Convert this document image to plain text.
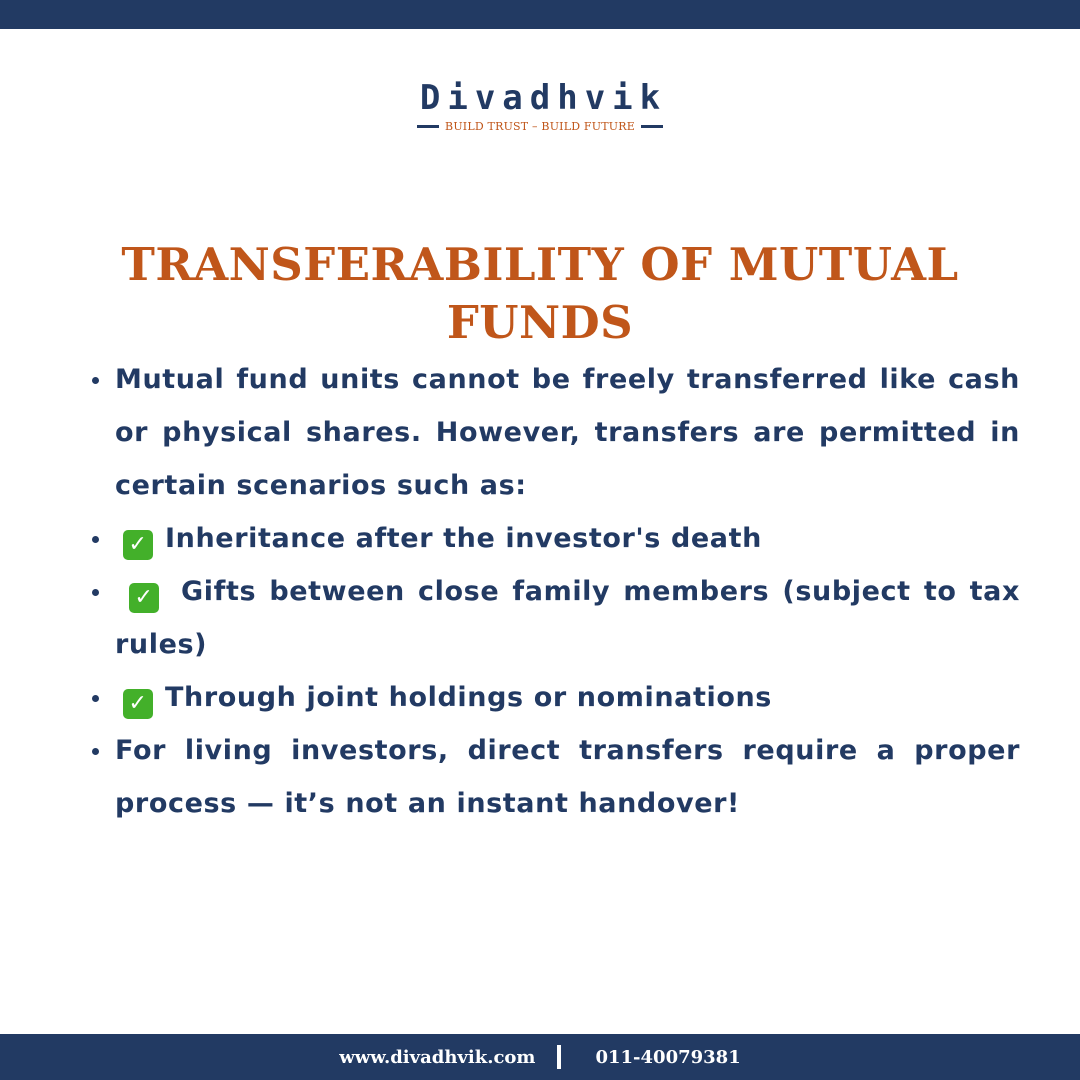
Divadhvik
BUILD TRUST – BUILD FUTURE
TRANSFERABILITY OF MUTUAL FUNDS
Mutual fund units cannot be freely transferred like cash or physical shares. However, transfers are permitted in certain scenarios such as:
✓ Inheritance after the investor's death
✓ Gifts between close family members (subject to tax rules)
✓ Through joint holdings or nominations
For living investors, direct transfers require a proper process — it’s not an instant handover!
www.divadhvik.com	011-40079381
